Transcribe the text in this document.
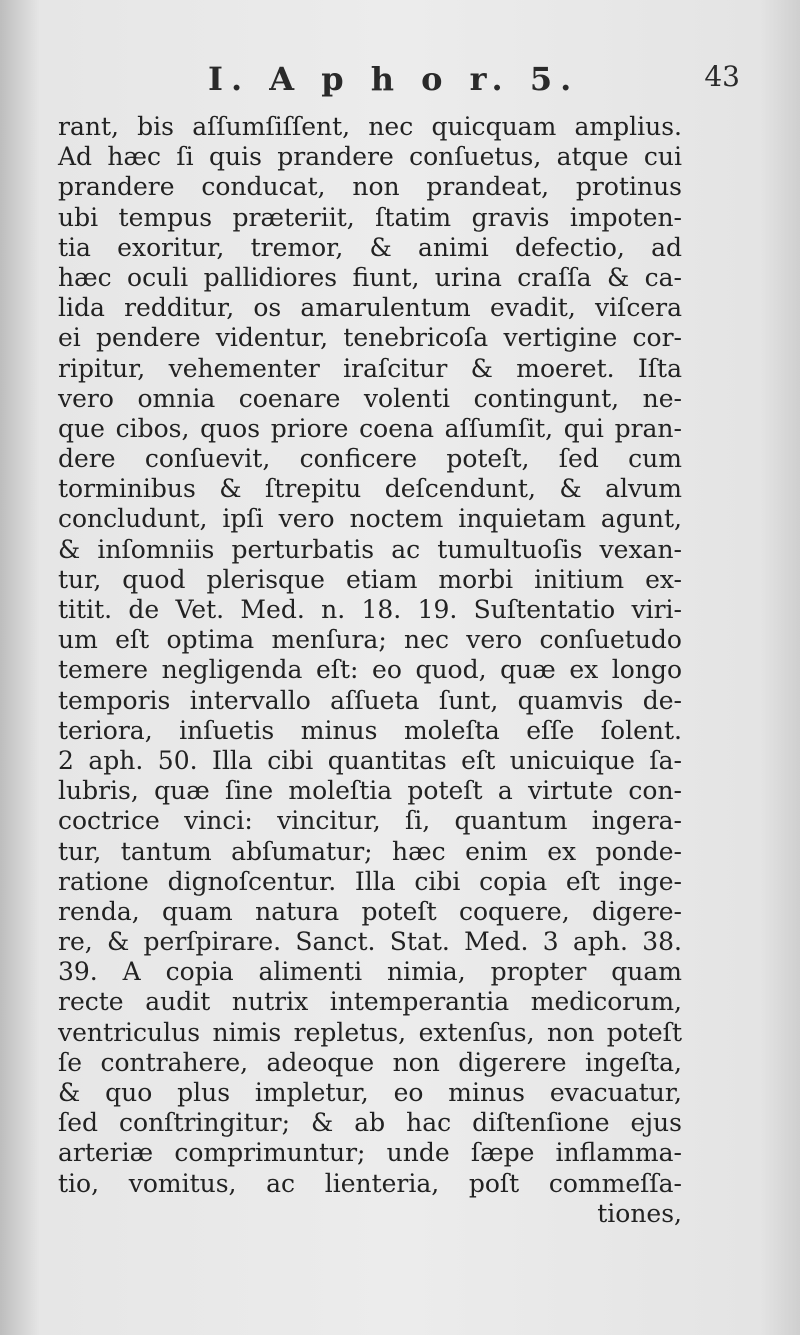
I. A p h o r. 5.	43
rant, bis aſſumſiſſent, nec quicquam amplius.
Ad hæc ſi quis prandere conſuetus, atque cui
prandere conducat, non prandeat, protinus
ubi tempus præteriit, ſtatim gravis impoten-
tia exoritur, tremor, & animi defectio, ad
hæc oculi pallidiores fiunt, urina craſſa & ca-
lida redditur, os amarulentum evadit, viſcera
ei pendere videntur, tenebricoſa vertigine cor-
ripitur, vehementer iraſcitur & moeret. Iſta
vero omnia coenare volenti contingunt, ne-
que cibos, quos priore coena aſſumſit, qui pran-
dere conſuevit, conficere poteſt, ſed cum
torminibus & ſtrepitu deſcendunt, & alvum
concludunt, ipſi vero noctem inquietam agunt,
& inſomniis perturbatis ac tumultuoſis vexan-
tur, quod plerisque etiam morbi initium ex-
titit. de Vet. Med. n. 18. 19. Suſtentatio viri-
um eſt optima menſura; nec vero conſuetudo
temere negligenda eſt: eo quod, quæ ex longo
temporis intervallo aſſueta ſunt, quamvis de-
teriora, inſuetis minus moleſta eſſe ſolent.
2 aph. 50. Illa cibi quantitas eſt unicuique ſa-
lubris, quæ ſine moleſtia poteſt a virtute con-
coctrice vinci: vincitur, ſi, quantum ingera-
tur, tantum abſumatur; hæc enim ex ponde-
ratione dignoſcentur. Illa cibi copia eſt inge-
renda, quam natura poteſt coquere, digere-
re, & perſpirare. Sanct. Stat. Med. 3 aph. 38.
39. A copia alimenti nimia, propter quam
recte audit nutrix intemperantia medicorum,
ventriculus nimis repletus, extenſus, non poteſt
ſe contrahere, adeoque non digerere ingeſta,
& quo plus impletur, eo minus evacuatur,
ſed conſtringitur; & ab hac diſtenſione ejus
arteriæ comprimuntur; unde ſæpe inflamma-
tio, vomitus, ac lienteria, poſt commeſſa-
tiones,
